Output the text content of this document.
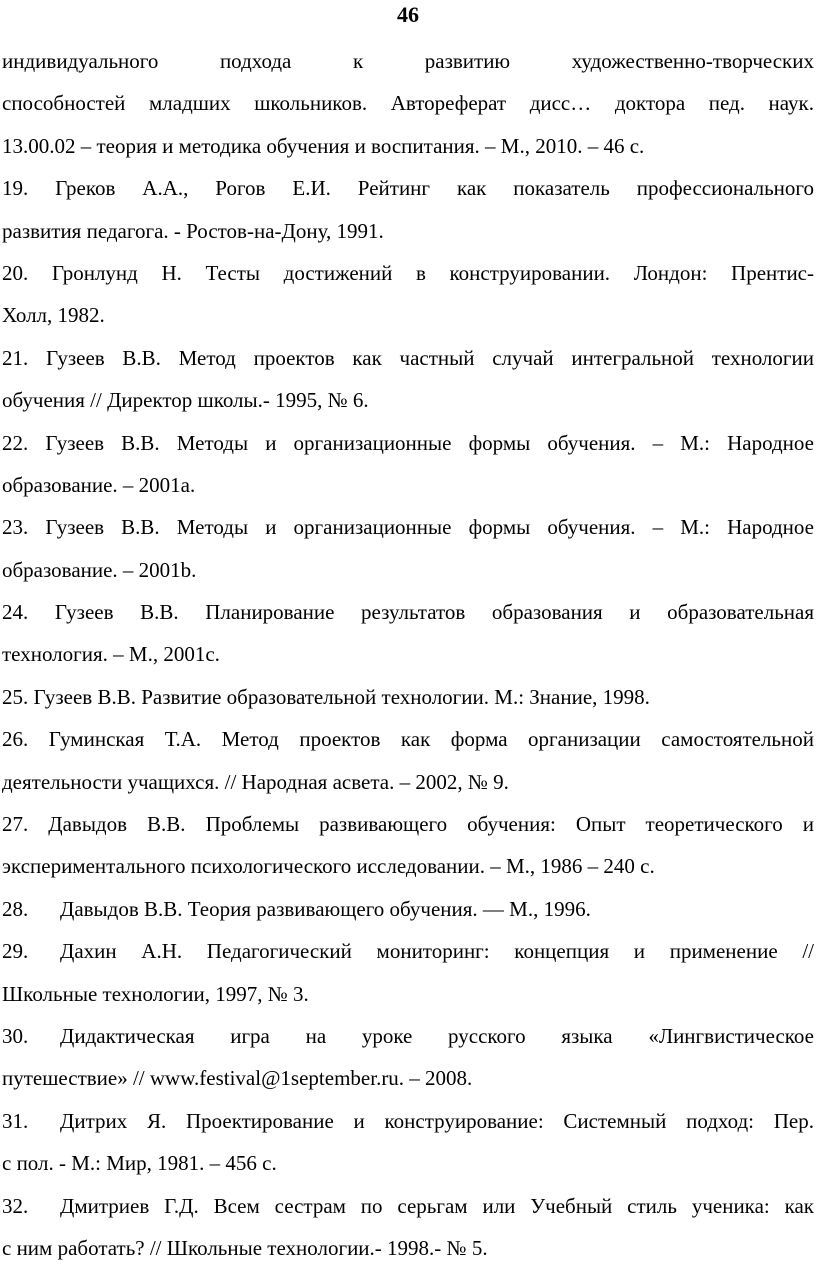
46
индивидуального подхода к развитию художественно-творческих
способностей младших школьников. Автореферат дисс… доктора пед. наук.
13.00.02 – теория и методика обучения и воспитания. – М., 2010. – 46 с.
19. Греков А.А., Рогов Е.И. Рейтинг как показатель профессионального
развития педагога. - Ростов-на-Дону, 1991.
20. Гронлунд Н. Тесты достижений в конструировании. Лондон: Прентис-
Холл, 1982.
21. Гузеев В.В. Метод проектов как частный случай интегральной технологии
обучения // Директор школы.- 1995, № 6.
22. Гузеев В.В. Методы и организационные формы обучения. – М.: Народное
образование. – 2001a.
23. Гузеев В.В. Методы и организационные формы обучения. – М.: Народное
образование. – 2001b.
24. Гузеев В.В. Планирование результатов образования и образовательная
технология. – М., 2001c.
25. Гузеев В.В. Развитие образовательной технологии. М.: Знание, 1998.
26. Гуминская Т.А. Метод проектов как форма организации самостоятельной
деятельности учащихся. // Народная асвета. – 2002, № 9.
27. Давыдов В.В. Проблемы развивающего обучения: Опыт теоретического и
экспериментального психологического исследовании. – М., 1986 – 240 с.
28.	Давыдов В.В. Теория развивающего обучения. — М., 1996.
29.	Дахин А.Н. Педагогический мониторинг: концепция и применение //
Школьные технологии, 1997, № 3.
30.	Дидактическая игра на уроке русского языка «Лингвистическое
путешествие» // www.festival@1september.ru. – 2008.
31.	Дитрих Я. Проектирование и конструирование: Системный подход: Пер.
с пол. - М.: Мир, 1981. – 456 с.
32.	Дмитриев Г.Д. Всем сестрам по серьгам или Учебный стиль ученика: как
с ним работать? // Школьные технологии.- 1998.- № 5.
